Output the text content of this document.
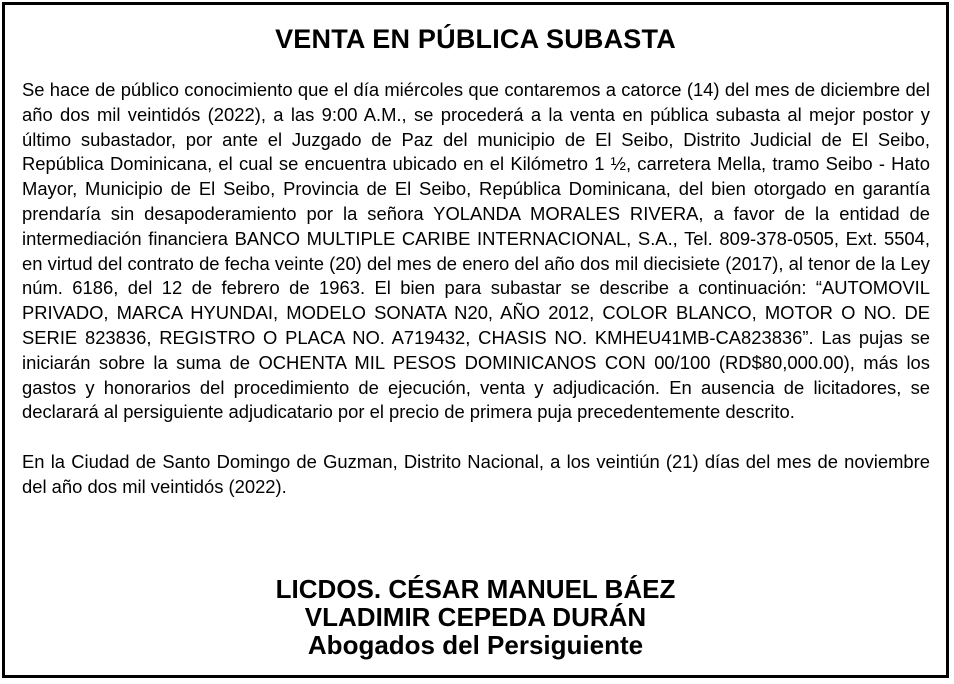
VENTA EN PÚBLICA SUBASTA

Se hace de público conocimiento que el día miércoles que contaremos a catorce (14) del mes de diciembre del año dos mil veintidós (2022), a las 9:00 A.M., se procederá a la venta en pública subasta al mejor postor y último subastador, por ante el Juzgado de Paz del municipio de El Seibo, Distrito Judicial de El Seibo, República Dominicana, el cual se encuentra ubicado en el Kilómetro 1 ½, carretera Mella, tramo Seibo - Hato Mayor, Municipio de El Seibo, Provincia de El Seibo, República Dominicana, del bien otorgado en garantía prendaría sin desapoderamiento por la señora YOLANDA MORALES RIVERA, a favor de la entidad de intermediación financiera BANCO MULTIPLE CARIBE INTERNACIONAL, S.A., Tel. 809-378-0505, Ext. 5504, en virtud del contrato de fecha veinte (20) del mes de enero del año dos mil diecisiete (2017), al tenor de la Ley núm. 6186, del 12 de febrero de 1963. El bien para subastar se describe a continuación: “AUTOMOVIL PRIVADO, MARCA HYUNDAI, MODELO SONATA N20, AÑO 2012, COLOR BLANCO, MOTOR O NO. DE SERIE 823836, REGISTRO O PLACA NO. A719432, CHASIS NO. KMHEU41MB-CA823836”. Las pujas se iniciarán sobre la suma de OCHENTA MIL PESOS DOMINICANOS CON 00/100 (RD$80,000.00), más los gastos y honorarios del procedimiento de ejecución, venta y adjudicación. En ausencia de licitadores, se declarará al persiguiente adjudicatario por el precio de primera puja precedentemente descrito.

En la Ciudad de Santo Domingo de Guzman, Distrito Nacional, a los veintiún (21) días del mes de noviembre del año dos mil veintidós (2022).

LICDOS. CÉSAR MANUEL BÁEZ
VLADIMIR CEPEDA DURÁN
Abogados del Persiguiente
